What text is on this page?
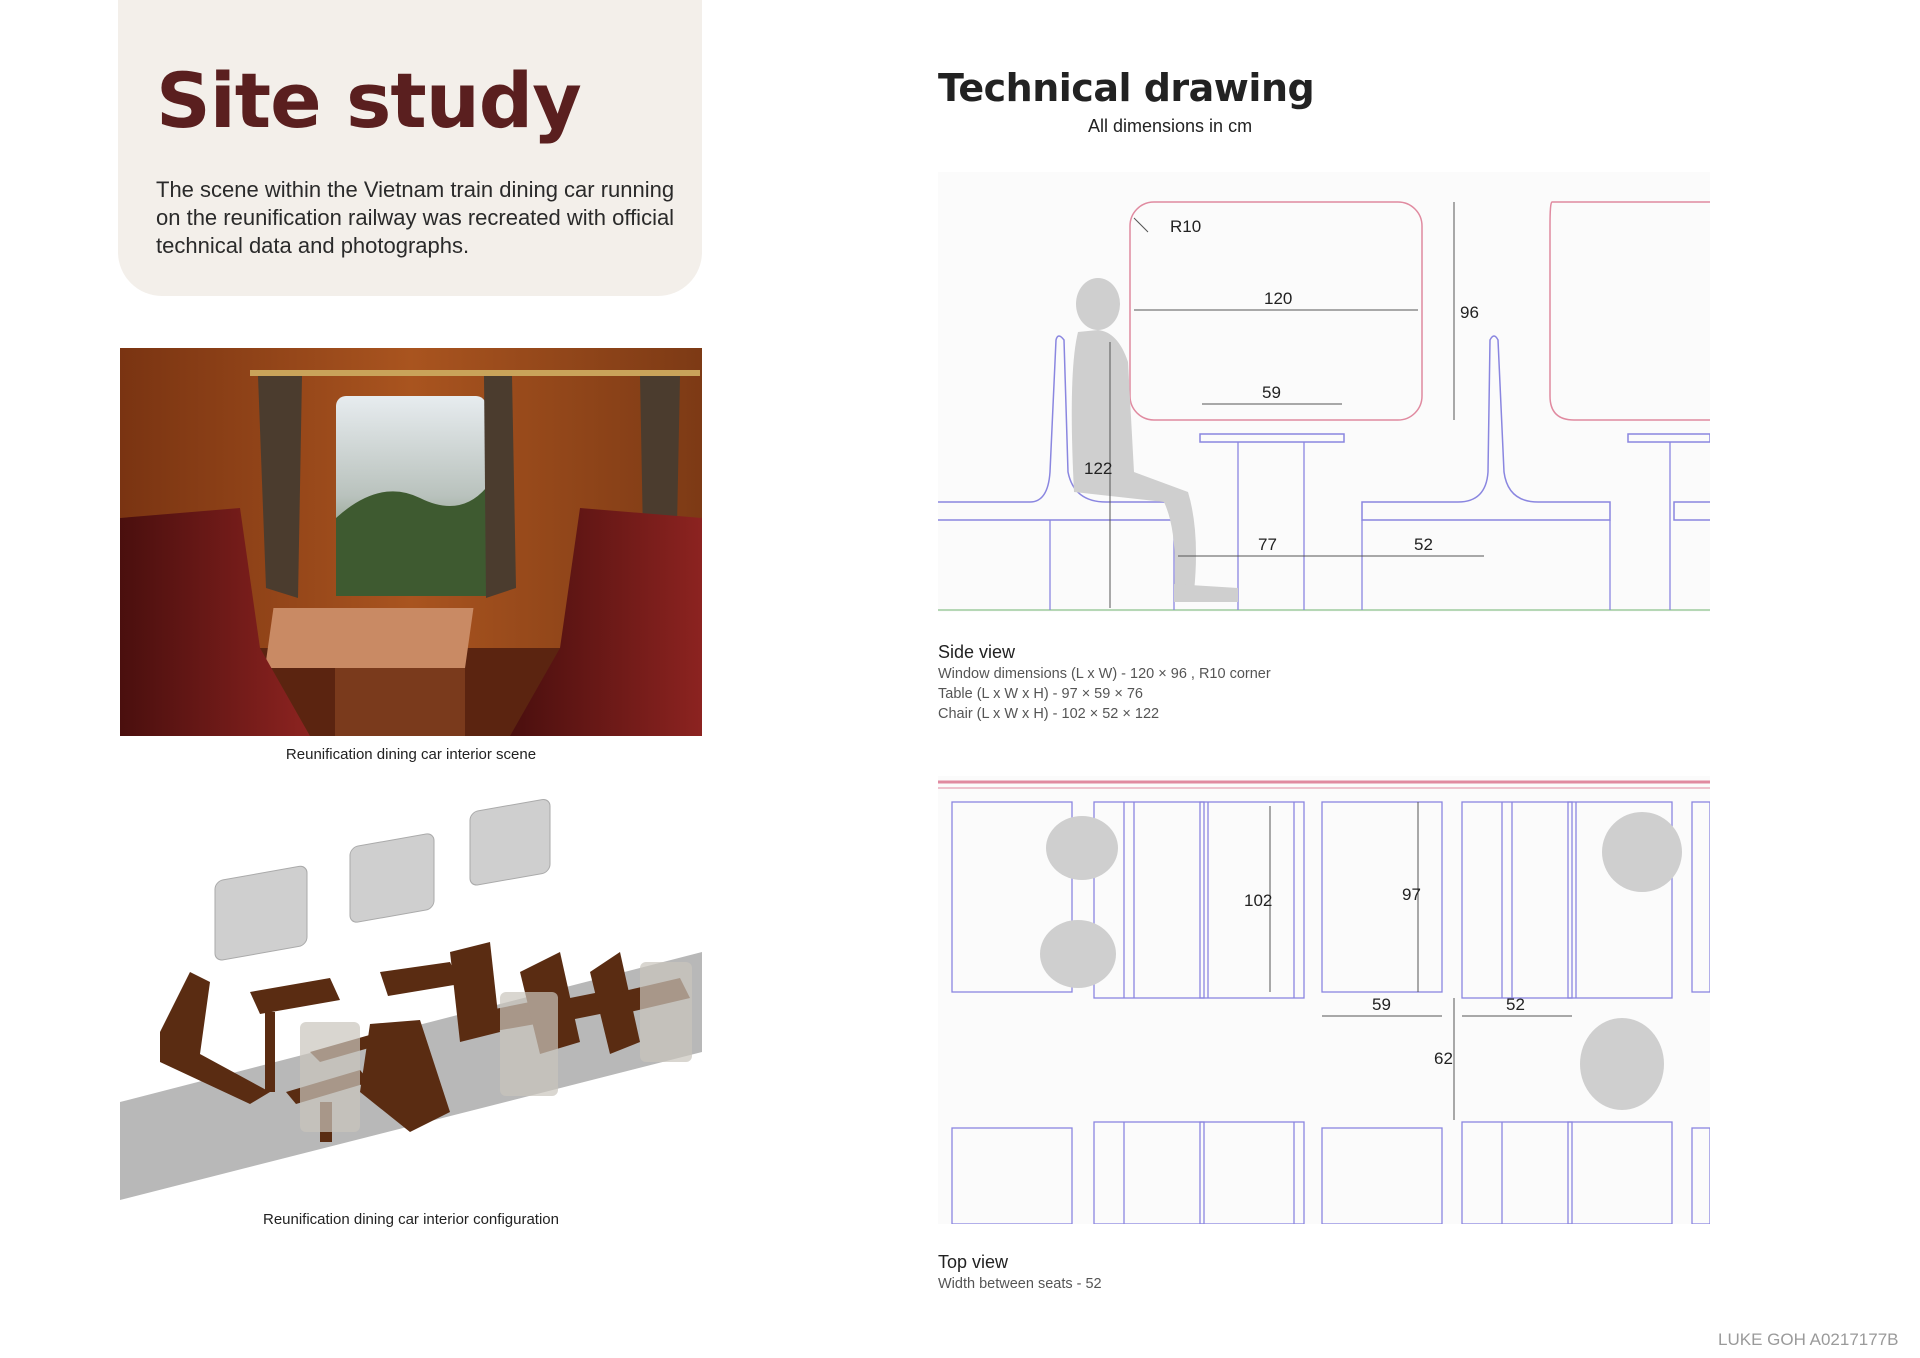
Site study

The scene within the Vietnam train dining car running on the reunification railway was recreated with official technical data and photographs.

Reunification dining car interior scene
Reunification dining car interior configuration
Technical drawing
All dimensions in cm
R10
120
96
59
122
77	52
Side view
Window dimensions (L x W) - 120 × 96 , R10 corner
Table (L x W x H) - 97 × 59 × 76
Chair (L x W x H) - 102 × 52 × 122
102	97
59	52
62
Top view
Width between seats - 52
LUKE GOH A0217177B
